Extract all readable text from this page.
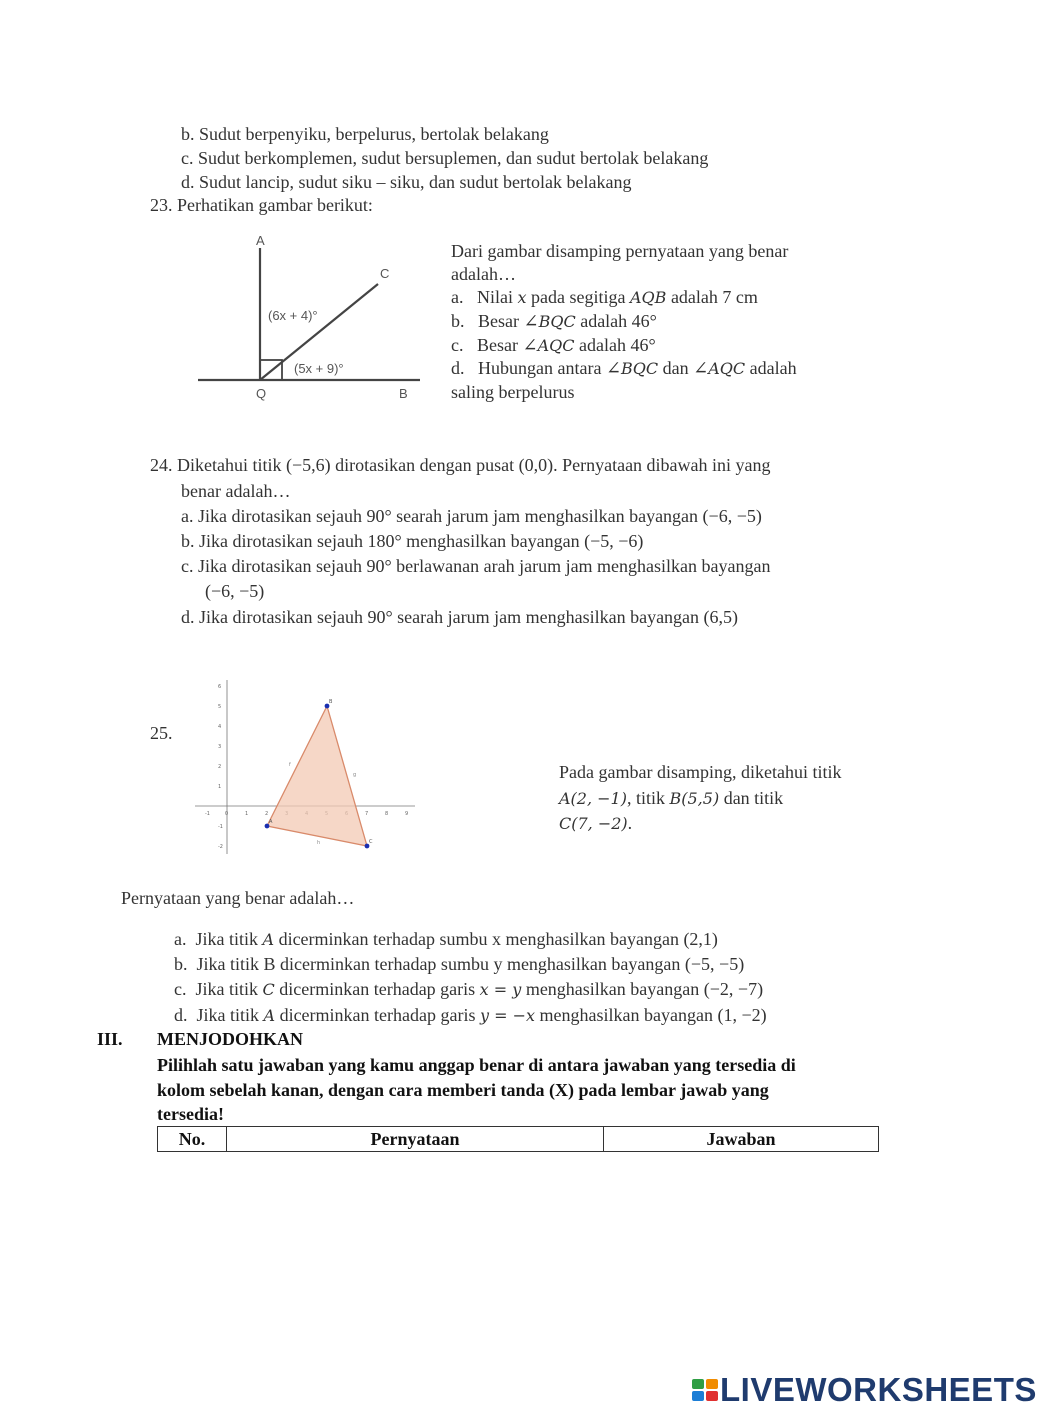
b. Sudut berpenyiku, berpelurus, bertolak belakang
c. Sudut berkomplemen, sudut bersuplemen, dan sudut bertolak belakang
d. Sudut lancip, sudut siku – siku, dan sudut bertolak belakang
23. Perhatikan gambar berikut:
A
C
Q	B
(6x + 4)°
(5x + 9)°
Dari gambar disamping pernyataan yang benar
adalah…
a. Nilai x pada segitiga AQB adalah 7 cm
b. Besar ∠BQC adalah 46°
c. Besar ∠AQC adalah 46°
d. Hubungan antara ∠BQC dan ∠AQC adalah
saling berpelurus
24. Diketahui titik (−5,6) dirotasikan dengan pusat (0,0). Pernyataan dibawah ini yang
benar adalah…
a. Jika dirotasikan sejauh 90° searah jarum jam menghasilkan bayangan (−6, −5)
b. Jika dirotasikan sejauh 180° menghasilkan bayangan (−5, −6)
c. Jika dirotasikan sejauh 90° berlawanan arah jarum jam menghasilkan bayangan
(−6, −5)
d. Jika dirotasikan sejauh 90° searah jarum jam menghasilkan bayangan (6,5)
25.
-1	0	1	2	7	8	9
6
5
4
3
2
1
-1
-2
f
g
h
A
B
C
Pada gambar disamping, diketahui titik
A(2, −1), titik B(5,5) dan titik
C(7, −2).
Pernyataan yang benar adalah…
a. Jika titik A dicerminkan terhadap sumbu x menghasilkan bayangan (2,1)
b. Jika titik B dicerminkan terhadap sumbu y menghasilkan bayangan (−5, −5)
c. Jika titik C dicerminkan terhadap garis x = y menghasilkan bayangan (−2, −7)
d. Jika titik A dicerminkan terhadap garis y = −x menghasilkan bayangan (1, −2)
III. MENJODOHKAN
Pilihlah satu jawaban yang kamu anggap benar di antara jawaban yang tersedia di
kolom sebelah kanan, dengan cara memberi tanda (X) pada lembar jawab yang
tersedia!
No.	Pernyataan	Jawaban
LIVEWORKSHEETS
